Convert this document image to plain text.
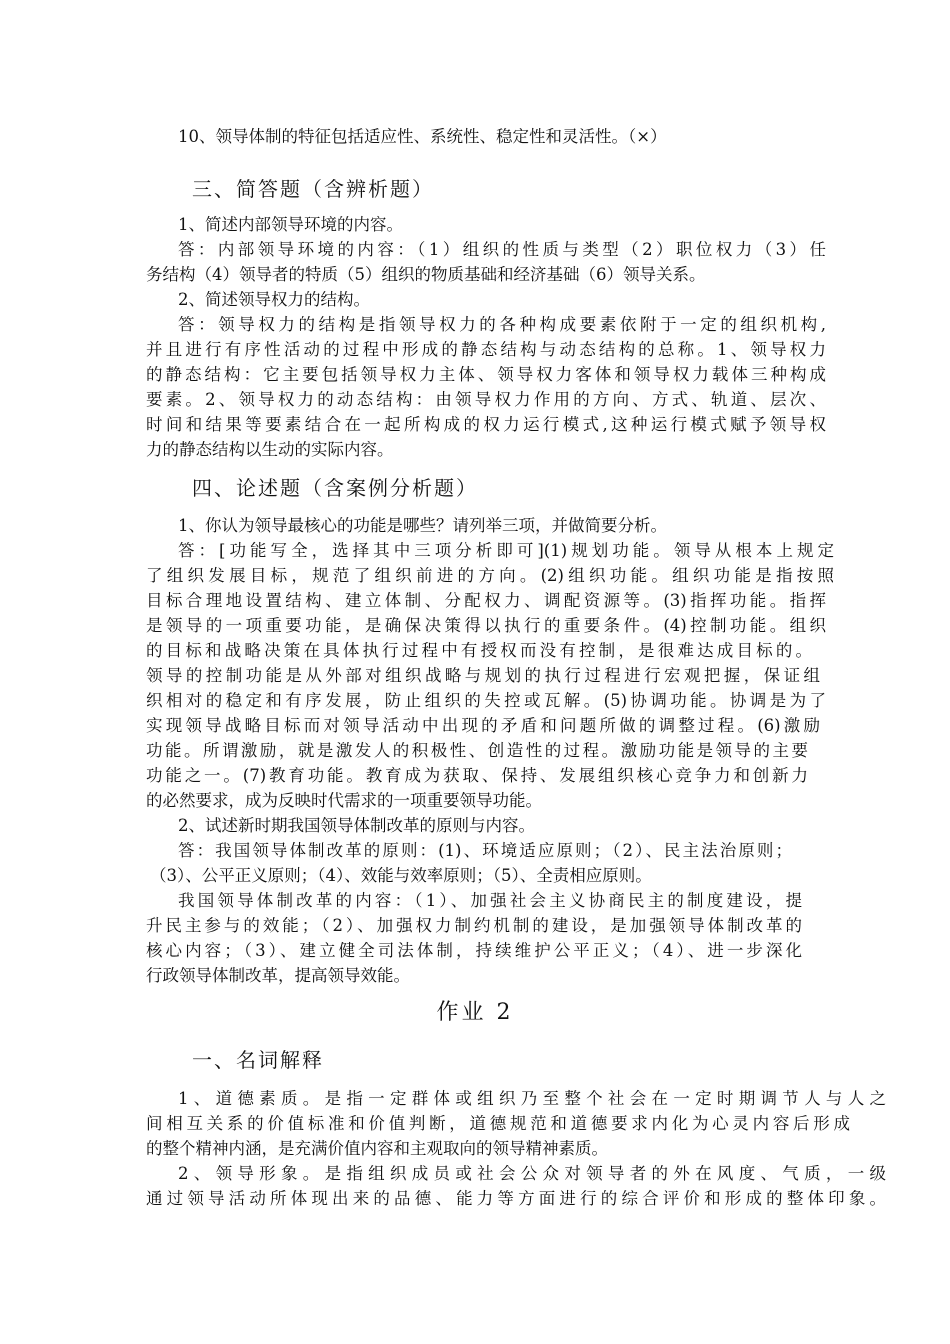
10、领导体制的特征包括适应性、系统性、稳定性和灵活性。（×）
三、简答题（含辨析题）
1、简述内部领导环境的内容。
答：内部领导环境的内容：（1）组织的性质与类型（2）职位权力（3）任
务结构（4）领导者的特质（5）组织的物质基础和经济基础（6）领导关系。
2、简述领导权力的结构。
答：领导权力的结构是指领导权力的各种构成要素依附于一定的组织机构,
并且进行有序性活动的过程中形成的静态结构与动态结构的总称。1、领导权力
的静态结构：它主要包括领导权力主体、领导权力客体和领导权力载体三种构成
要素。2、领导权力的动态结构：由领导权力作用的方向、方式、轨道、层次、
时间和结果等要素结合在一起所构成的权力运行模式,这种运行模式赋予领导权
力的静态结构以生动的实际内容。
四、论述题（含案例分析题）
1、你认为领导最核心的功能是哪些？请列举三项，并做简要分析。
答：[功能写全，选择其中三项分析即可](1)规划功能。领导从根本上规定
了组织发展目标，规范了组织前进的方向。(2)组织功能。组织功能是指按照
目标合理地设置结构、建立体制、分配权力、调配资源等。(3)指挥功能。指挥
是领导的一项重要功能，是确保决策得以执行的重要条件。(4)控制功能。组织
的目标和战略决策在具体执行过程中有授权而没有控制，是很难达成目标的。
领导的控制功能是从外部对组织战略与规划的执行过程进行宏观把握，保证组
织相对的稳定和有序发展，防止组织的失控或瓦解。(5)协调功能。协调是为了
实现领导战略目标而对领导活动中出现的矛盾和问题所做的调整过程。(6)激励
功能。所谓激励，就是激发人的积极性、创造性的过程。激励功能是领导的主要
功能之一。(7)教育功能。教育成为获取、保持、发展组织核心竞争力和创新力
的必然要求，成为反映时代需求的一项重要领导功能。
2、试述新时期我国领导体制改革的原则与内容。
答：我国领导体制改革的原则：(1)、环境适应原则；（2）、民主法治原则；
（3）、公平正义原则；（4）、效能与效率原则；（5）、全责相应原则。
我国领导体制改革的内容：（1）、加强社会主义协商民主的制度建设，提
升民主参与的效能；（2）、加强权力制约机制的建设，是加强领导体制改革的
核心内容；（3）、建立健全司法体制，持续维护公平正义；（4）、进一步深化
行政领导体制改革，提高领导效能。
作业 2
一、名词解释
1、道德素质。是指一定群体或组织乃至整个社会在一定时期调节人与人之
间相互关系的价值标准和价值判断，道德规范和道德要求内化为心灵内容后形成
的整个精神内涵，是充满价值内容和主观取向的领导精神素质。
2、领导形象。是指组织成员或社会公众对领导者的外在风度、气质，一级
通过领导活动所体现出来的品德、能力等方面进行的综合评价和形成的整体印象。
